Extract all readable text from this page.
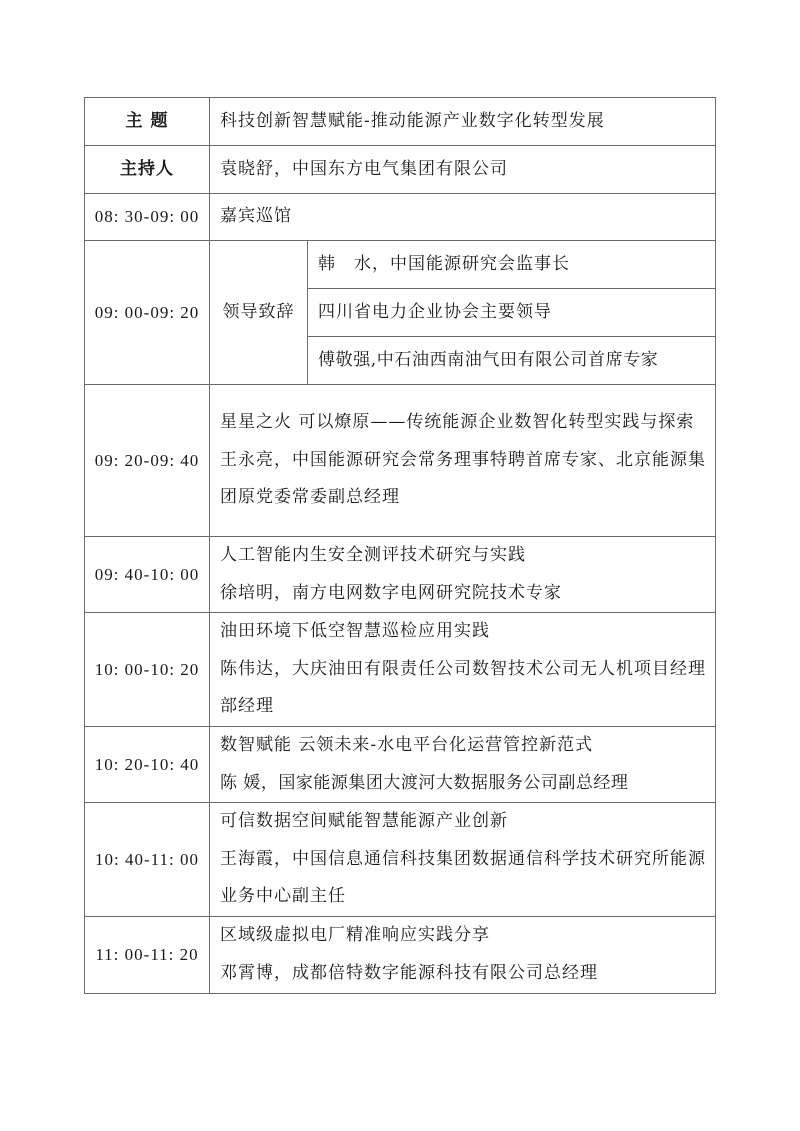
主 题	科技创新智慧赋能-推动能源产业数字化转型发展	
主持人	袁晓舒，中国东方电气集团有限公司	
08: 30-09: 00	嘉宾巡馆	
09: 00-09: 20	领导致辞	韩　水，中国能源研究会监事长
		四川省电力企业协会主要领导
		傅敬强,中石油西南油气田有限公司首席专家
09: 20-09: 40	星星之火 可以燎原——传统能源企业数智化转型实践与探索
王永亮，中国能源研究会常务理事特聘首席专家、北京能源集团原党委常委副总经理	

09: 40-10: 00	人工智能内生安全测评技术研究与实践
徐培明，南方电网数字电网研究院技术专家	

10: 00-10: 20	油田环境下低空智慧巡检应用实践
陈伟达，大庆油田有限责任公司数智技术公司无人机项目经理部经理	

10: 20-10: 40	数智赋能 云领未来-水电平台化运营管控新范式
陈 媛，国家能源集团大渡河大数据服务公司副总经理	

10: 40-11: 00	可信数据空间赋能智慧能源产业创新
王海霞，中国信息通信科技集团数据通信科学技术研究所能源业务中心副主任	

11: 00-11: 20	区域级虚拟电厂精准响应实践分享
邓霄博，成都倍特数字能源科技有限公司总经理	
